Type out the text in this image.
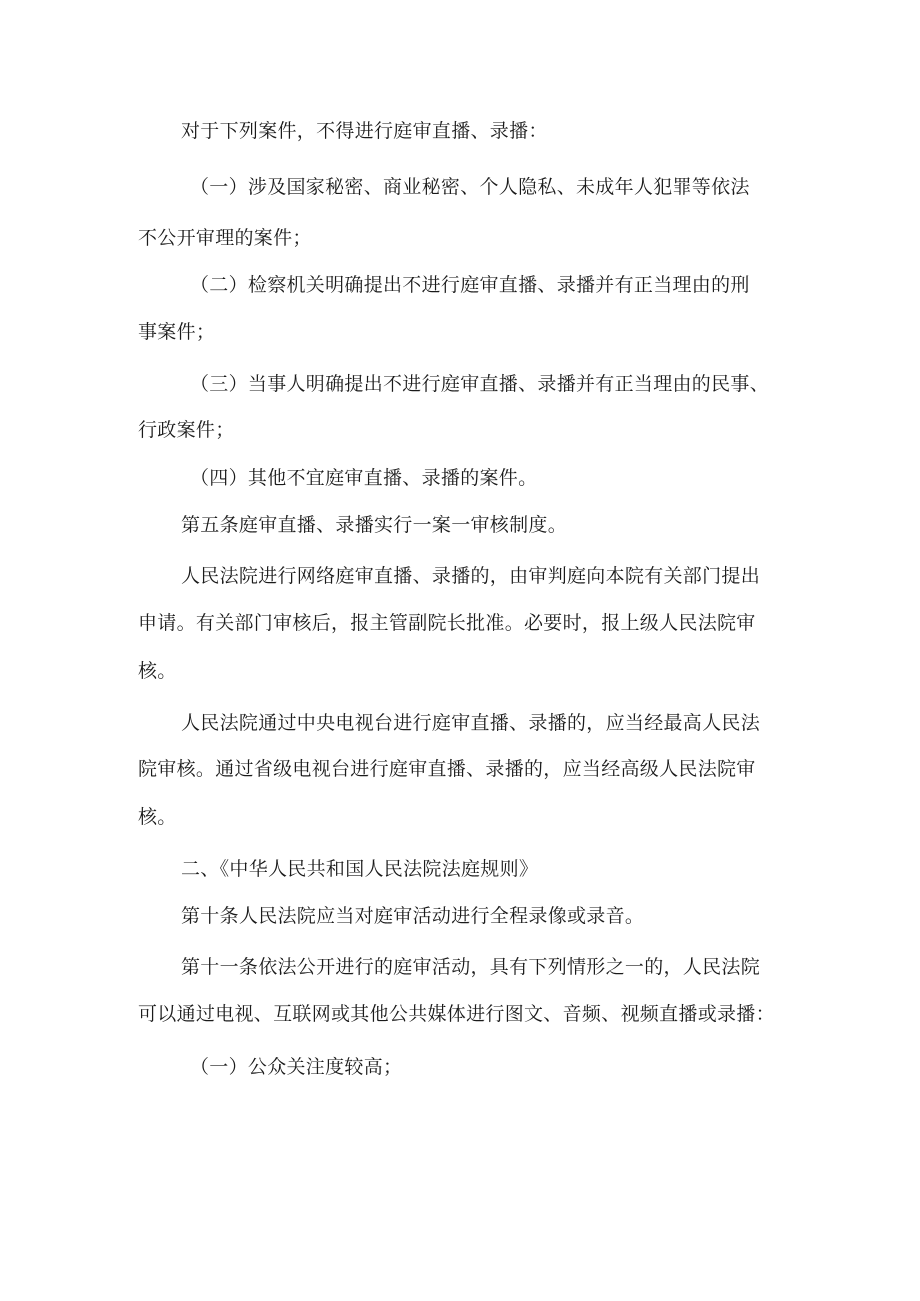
对于下列案件，不得进行庭审直播、录播：

（一）涉及国家秘密、商业秘密、个人隐私、未成年人犯罪等依法

不公开审理的案件；

（二）检察机关明确提出不进行庭审直播、录播并有正当理由的刑

事案件；

（三）当事人明确提出不进行庭审直播、录播并有正当理由的民事、

行政案件；

（四）其他不宜庭审直播、录播的案件。

第五条庭审直播、录播实行一案一审核制度。

人民法院进行网络庭审直播、录播的，由审判庭向本院有关部门提出

申请。有关部门审核后，报主管副院长批准。必要时，报上级人民法院审

核。

人民法院通过中央电视台进行庭审直播、录播的，应当经最高人民法

院审核。通过省级电视台进行庭审直播、录播的，应当经高级人民法院审

核。

二、《中华人民共和国人民法院法庭规则》

第十条人民法院应当对庭审活动进行全程录像或录音。

第十一条依法公开进行的庭审活动，具有下列情形之一的，人民法院

可以通过电视、互联网或其他公共媒体进行图文、音频、视频直播或录播：

（一）公众关注度较高；
